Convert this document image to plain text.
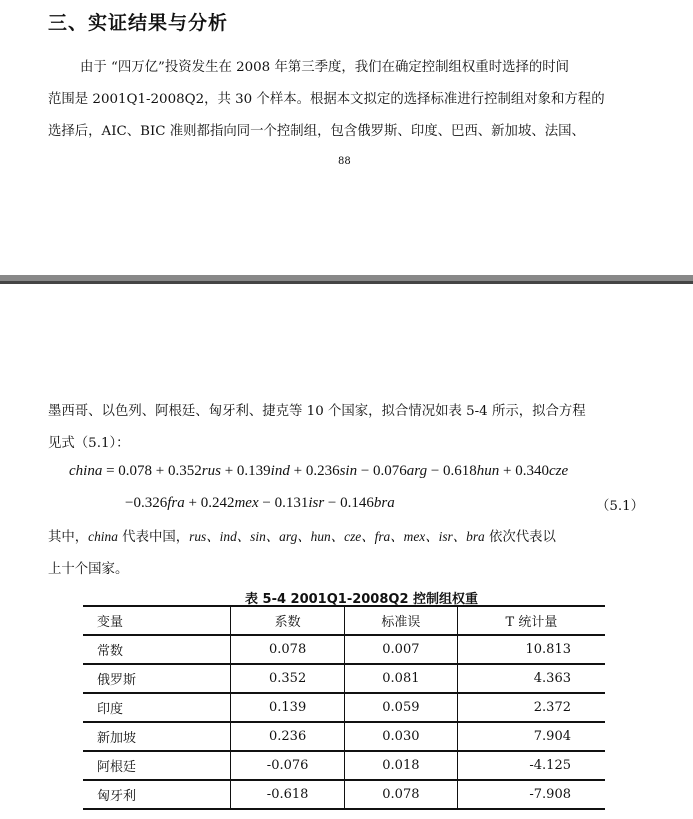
三、实证结果与分析
由于 “四万亿”投资发生在 2008 年第三季度，我们在确定控制组权重时选择的时间
范围是 2001Q1-2008Q2，共 30 个样本。根据本文拟定的选择标准进行控制组对象和方程的
选择后，AIC、BIC 准则都指向同一个控制组，包含俄罗斯、印度、巴西、新加坡、法国、
88
墨西哥、以色列、阿根廷、匈牙利、捷克等 10 个国家，拟合情况如表 5-4 所示，拟合方程
见式（5.1）：
china = 0.078 + 0.352rus + 0.139ind + 0.236sin − 0.076arg − 0.618hun + 0.340cze
−0.326fra + 0.242mex − 0.131isr − 0.146bra	（5.1）
其中，china 代表中国，rus、ind、sin、arg、hun、cze、fra、mex、isr、bra 依次代表以
上十个国家。
表 5-4 2001Q1-2008Q2 控制组权重
变量	系数	标准误	T 统计量
常数	0.078	0.007	10.813
俄罗斯	0.352	0.081	4.363
印度	0.139	0.059	2.372
新加坡	0.236	0.030	7.904
阿根廷	-0.076	0.018	-4.125
匈牙利	-0.618	0.078	-7.908
